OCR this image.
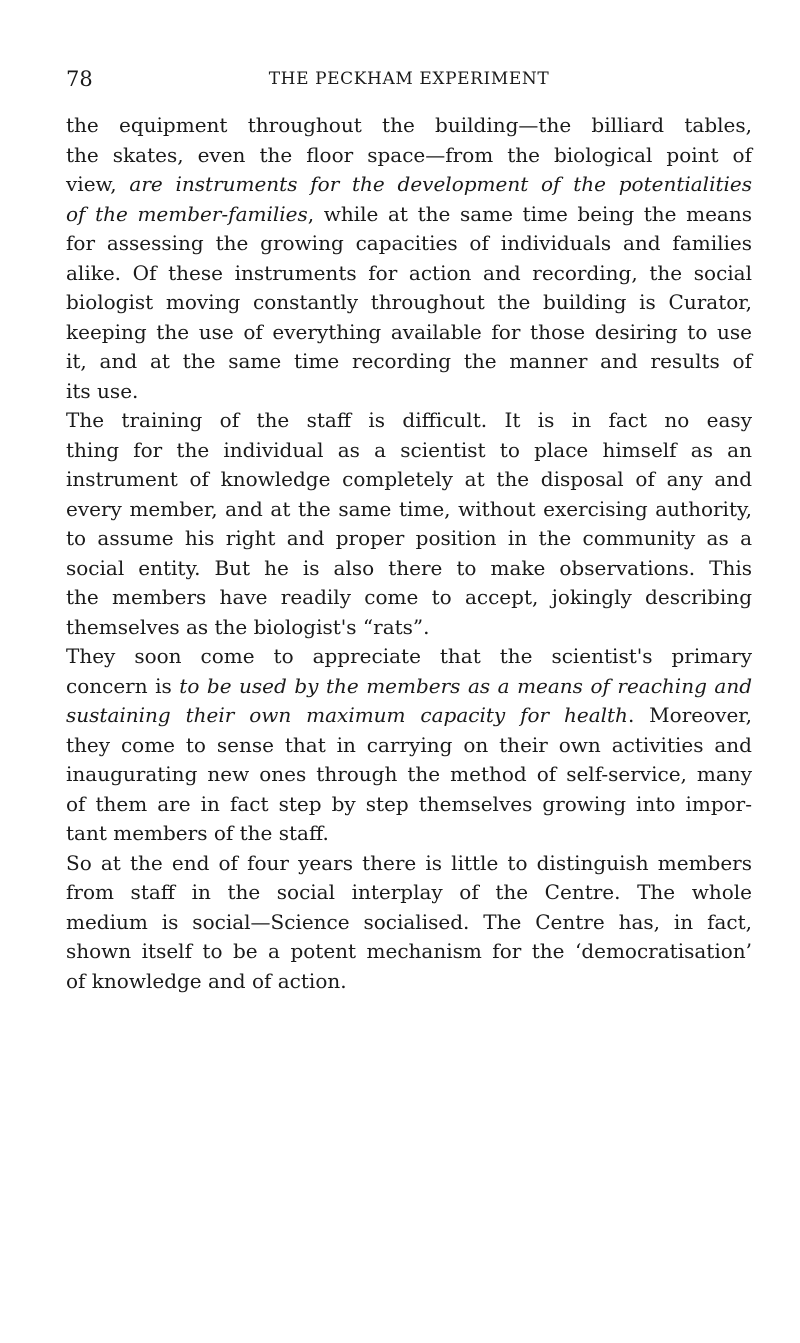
78	THE PECKHAM EXPERIMENT
the equipment throughout the building—the billiard tables,
the skates, even the floor space—from the biological point of
view, are instruments for the development of the potentialities
of the member-families, while at the same time being the means
for assessing the growing capacities of individuals and families
alike. Of these instruments for action and recording, the social
biologist moving constantly throughout the building is Curator,
keeping the use of everything available for those desiring to use
it, and at the same time recording the manner and results of
its use.
The training of the staff is difficult. It is in fact no easy
thing for the individual as a scientist to place himself as an
instrument of knowledge completely at the disposal of any and
every member, and at the same time, without exercising authority,
to assume his right and proper position in the community as a
social entity. But he is also there to make observations. This
the members have readily come to accept, jokingly describing
themselves as the biologist's “rats”.
They soon come to appreciate that the scientist's primary
concern is to be used by the members as a means of reaching and
sustaining their own maximum capacity for health. Moreover,
they come to sense that in carrying on their own activities and
inaugurating new ones through the method of self-service, many
of them are in fact step by step themselves growing into impor-
tant members of the staff.
So at the end of four years there is little to distinguish members
from staff in the social interplay of the Centre. The whole
medium is social—Science socialised. The Centre has, in fact,
shown itself to be a potent mechanism for the ‘democratisation’
of knowledge and of action.
